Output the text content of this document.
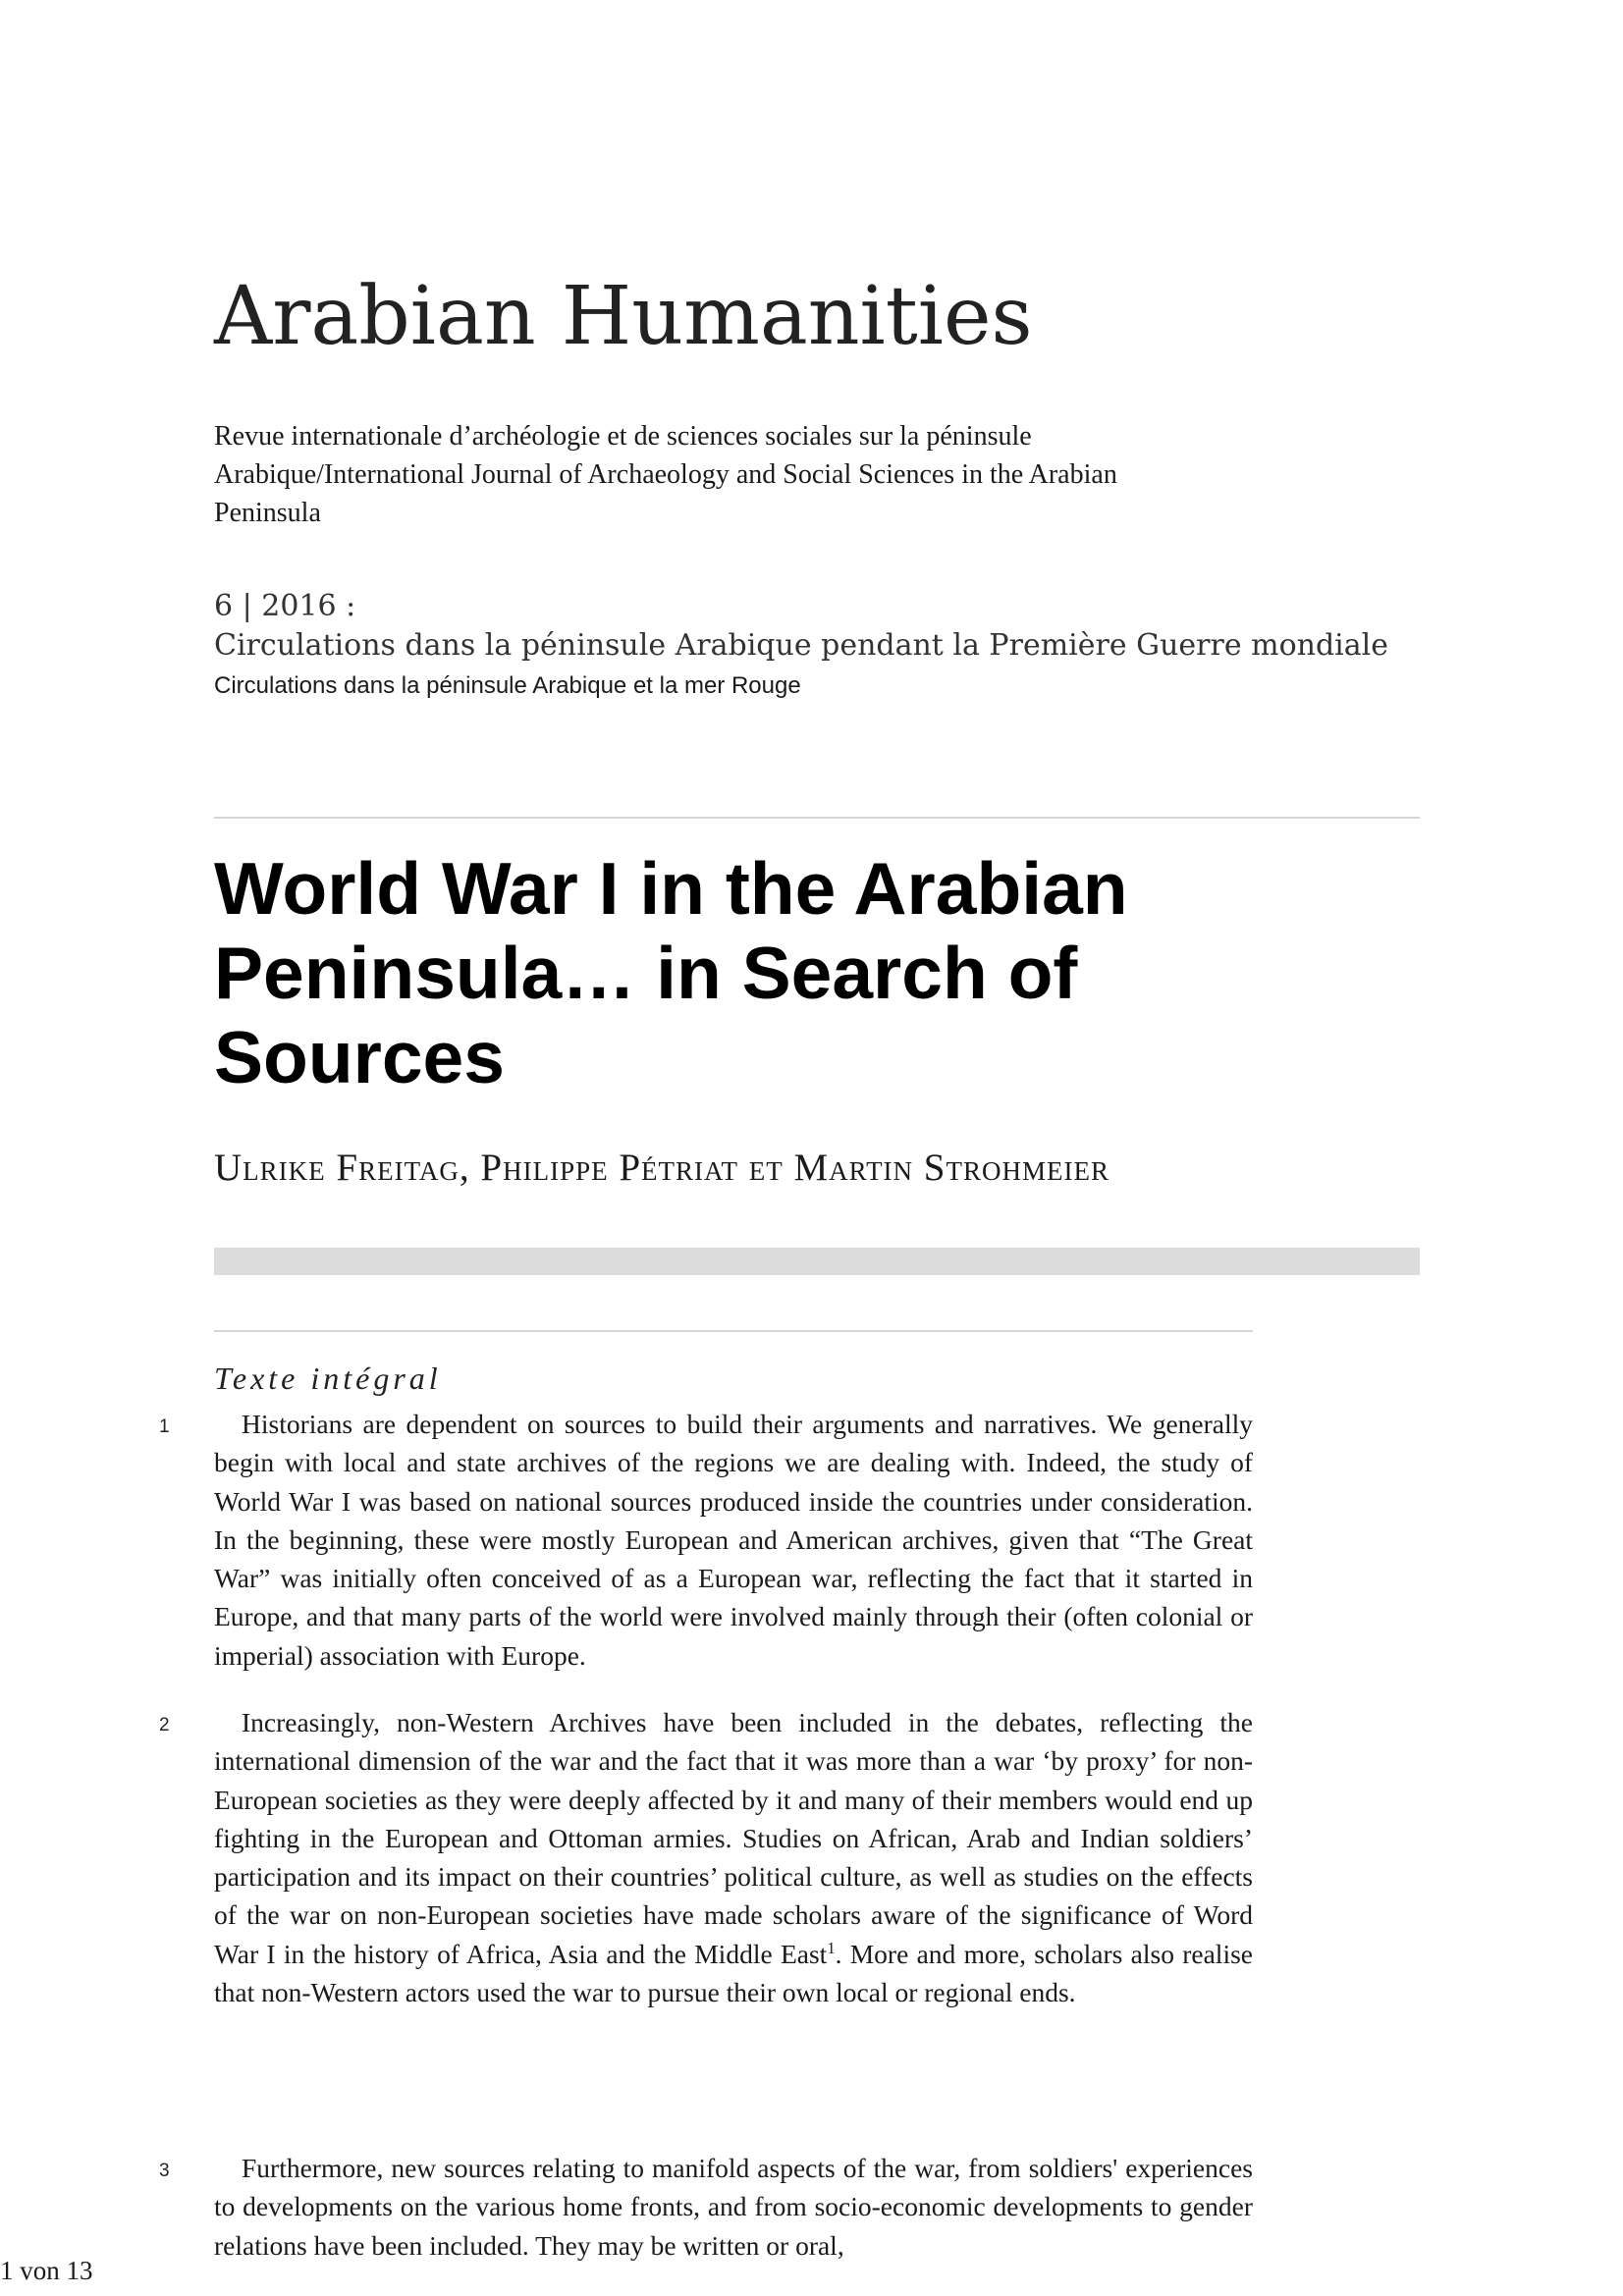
Arabian Humanities

Revue internationale d’archéologie et de sciences sociales sur la péninsule Arabique/International Journal of Archaeology and Social Sciences in the Arabian Peninsula

6 | 2016 :
Circulations dans la péninsule Arabique pendant la Première Guerre mondiale
Circulations dans la péninsule Arabique et la mer Rouge
World War I in the Arabian Peninsula… in Search of Sources
Ulrike Freitag, Philippe Pétriat et Martin Strohmeier
Texte intégral
1	Historians are dependent on sources to build their arguments and narratives. We generally begin with local and state archives of the regions we are dealing with. Indeed, the study of World War I was based on national sources produced inside the countries under consideration. In the beginning, these were mostly European and American archives, given that “The Great War” was initially often conceived of as a European war, reflecting the fact that it started in Europe, and that many parts of the world were involved mainly through their (often colonial or imperial) association with Europe.

2	Increasingly, non-Western Archives have been included in the debates, reflecting the international dimension of the war and the fact that it was more than a war ‘by proxy’ for non-European societies as they were deeply affected by it and many of their members would end up fighting in the European and Ottoman armies. Studies on African, Arab and Indian soldiers’ participation and its impact on their countries’ political culture, as well as studies on the effects of the war on non-European societies have made scholars aware of the significance of Word War I in the history of Africa, Asia and the Middle East$^1$. More and more, scholars also realise that non-Western actors used the war to pursue their own local or regional ends.

3	Furthermore, new sources relating to manifold aspects of the war, from soldiers' experiences to developments on the various home fronts, and from socio-economic developments to gender relations have been included. They may be written or oral,

1 von 13
